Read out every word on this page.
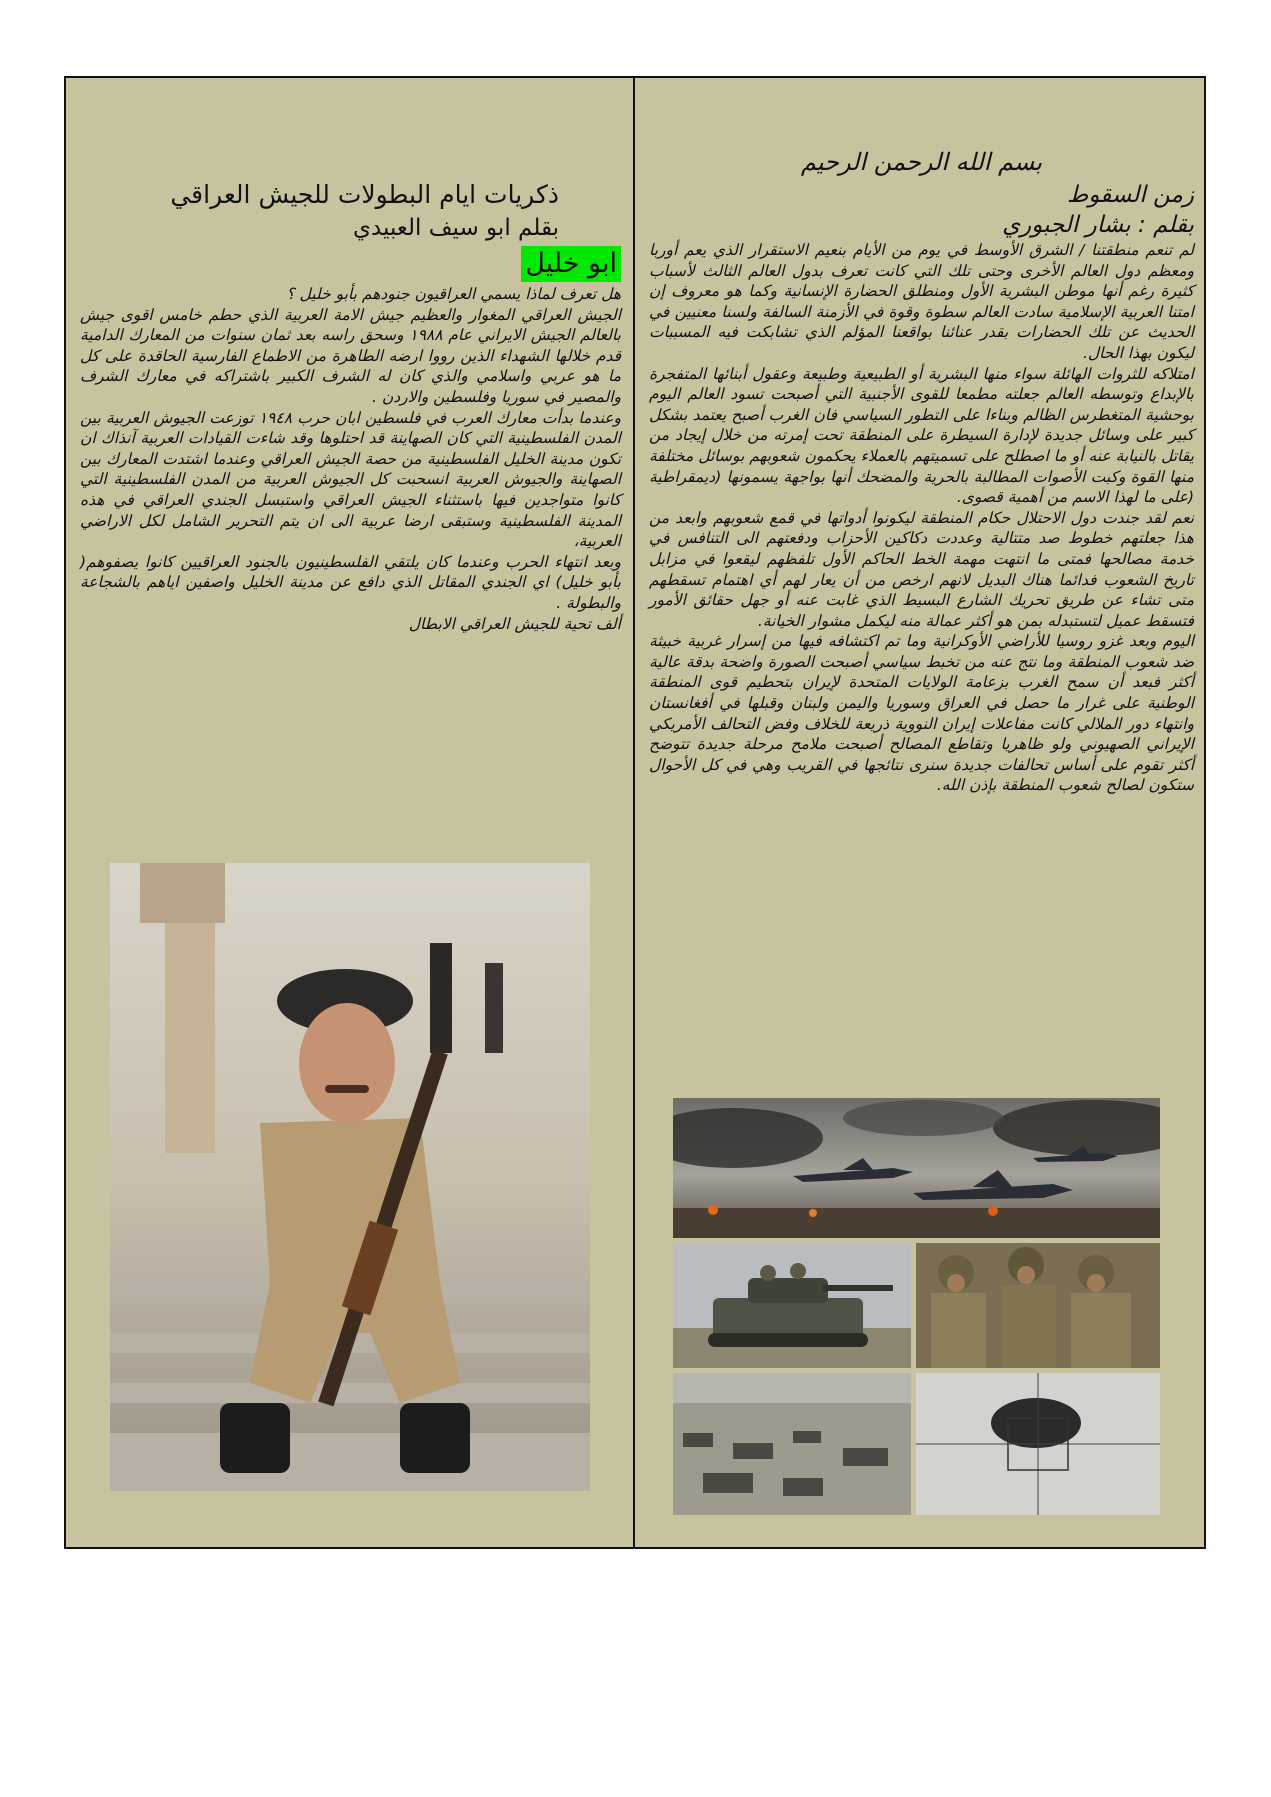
بسم الله الرحمن الرحيم
زمن السقوط
بقلم : بشار الجبوري

لم تنعم منطقتنا / الشرق الأوسط في يوم من الأيام بنعيم الاستقرار الذي يعم أوربا ومعظم دول العالم الأخرى وحتى تلك التي كانت تعرف بدول العالم الثالث لأسباب كثيرة رغم أنها موطن البشرية الأول ومنطلق الحضارة الإنسانية وكما هو معروف إن امتنا العربية الإسلامية سادت العالم سطوة وقوة في الأزمنة السالفة ولسنا معنيين في الحديث عن تلك الحضارات بقدر عنائنا بواقعنا المؤلم الذي تشابكت فيه المسببات ليكون بهذا الحال.

امتلاكه للثروات الهائلة سواء منها البشرية أو الطبيعية وطبيعة وعقول أبنائها المتفجرة بالإبداع وتوسطه العالم جعلته مطمعا للقوى الأجنبية التي أصبحت تسود العالم اليوم بوحشية المتغطرس الظالم وبناءا على التطور السياسي فان الغرب أصبح يعتمد بشكل كبير على وسائل جديدة لإدارة السيطرة على المنطقة تحت إمرته من خلال إيجاد من يقاتل بالنيابة عنه أو ما اصطلح على تسميتهم بالعملاء يحكمون شعوبهم بوسائل مختلفة منها القوة وكبت الأصوات المطالبة بالحرية والمضحك أنها بواجهة يسمونها (ديمقراطية (على ما لهذا الاسم من أهمية قصوى.

نعم لقد جندت دول الاحتلال حكام المنطقة ليكونوا أدواتها في قمع شعوبهم وابعد من هذا جعلتهم خطوط صد متتالية وعددت دكاكين الأحزاب ودفعتهم الى التنافس في خدمة مصالحها فمتى ما انتهت مهمة الخط الحاكم الأول تلفظهم ليقعوا في مزابل تاريخ الشعوب فدائما هناك البديل لانهم ارخص من أن يعار لهم أي اهتمام تسقطهم متى تشاء عن طريق تحريك الشارع البسيط الذي غابت عنه أو جهل حقائق الأمور فتسقط عميل لتستبدله بمن هو أكثر عمالة منه ليكمل مشوار الخيانة.

اليوم وبعد غزو روسيا للأراضي الأوكرانية وما تم اكتشافه فيها من إسرار غربية خبيثة ضد شعوب المنطقة وما نتج عنه من تخبط سياسي أصبحت الصورة واضحة بدقة عالية أكثر فبعد أن سمح الغرب بزعامة الولايات المتحدة لإيران بتحطيم قوى المنطقة الوطنية على غرار ما حصل في العراق وسوريا واليمن ولبنان وقبلها في أفغانستان وانتهاء دور الملالي كانت مفاعلات إيران النووية ذريعة للخلاف وفض التحالف الأمريكي الإيراني الصهيوني ولو ظاهريا وتقاطع المصالح أصبحت ملامح مرحلة جديدة تتوضح أكثر تقوم على أساس تحالفات جديدة سنرى نتائجها في القريب وهي في كل الأحوال ستكون لصالح شعوب المنطقة بإذن الله.

ذكريات ايام البطولات للجيش العراقي
بقلم ابو سيف العبيدي
ابو خليل

هل تعرف لماذا يسمي العراقيون جنودهم بأبو خليل ؟

الجيش العراقي المغوار والعظيم جيش الامة العربية الذي حطم خامس اقوى جيش بالعالم الجيش الايراني عام ١٩٨٨ وسحق راسه بعد ثمان سنوات من المعارك الدامية قدم خلالها الشهداء الذين رووا ارضه الطاهرة من الاطماع الفارسية الحاقدة على كل ما هو عربي واسلامي والذي كان له الشرف الكبير باشتراكه في معارك الشرف والمصير في سوريا وفلسطين والاردن .

وعندما بدأت معارك العرب في فلسطين ابان حرب ١٩٤٨ توزعت الجيوش العربية بين المدن الفلسطينية التي كان الصهاينة قد احتلوها وقد شاءت القيادات العربية آنذاك ان تكون مدينة الخليل الفلسطينية من حصة الجيش العراقي وعندما اشتدت المعارك بين الصهاينة والجيوش العربية انسحبت كل الجيوش العربية من المدن الفلسطينية التي كانوا متواجدين فيها باستثناء الجيش العراقي واستبسل الجندي العراقي في هذه المدينة الفلسطينية وستبقى ارضا عربية الى ان يتم التحرير الشامل لكل الاراضي العربية،

وبعد انتهاء الحرب وعندما كان يلتقي الفلسطينيون بالجنود العراقيين كانوا يصفوهم( بأبو خليل) اي الجندي المقاتل الذي دافع عن مدينة الخليل واصفين اياهم بالشجاعة والبطولة .

ألف تحية للجيش العراقي الابطال
